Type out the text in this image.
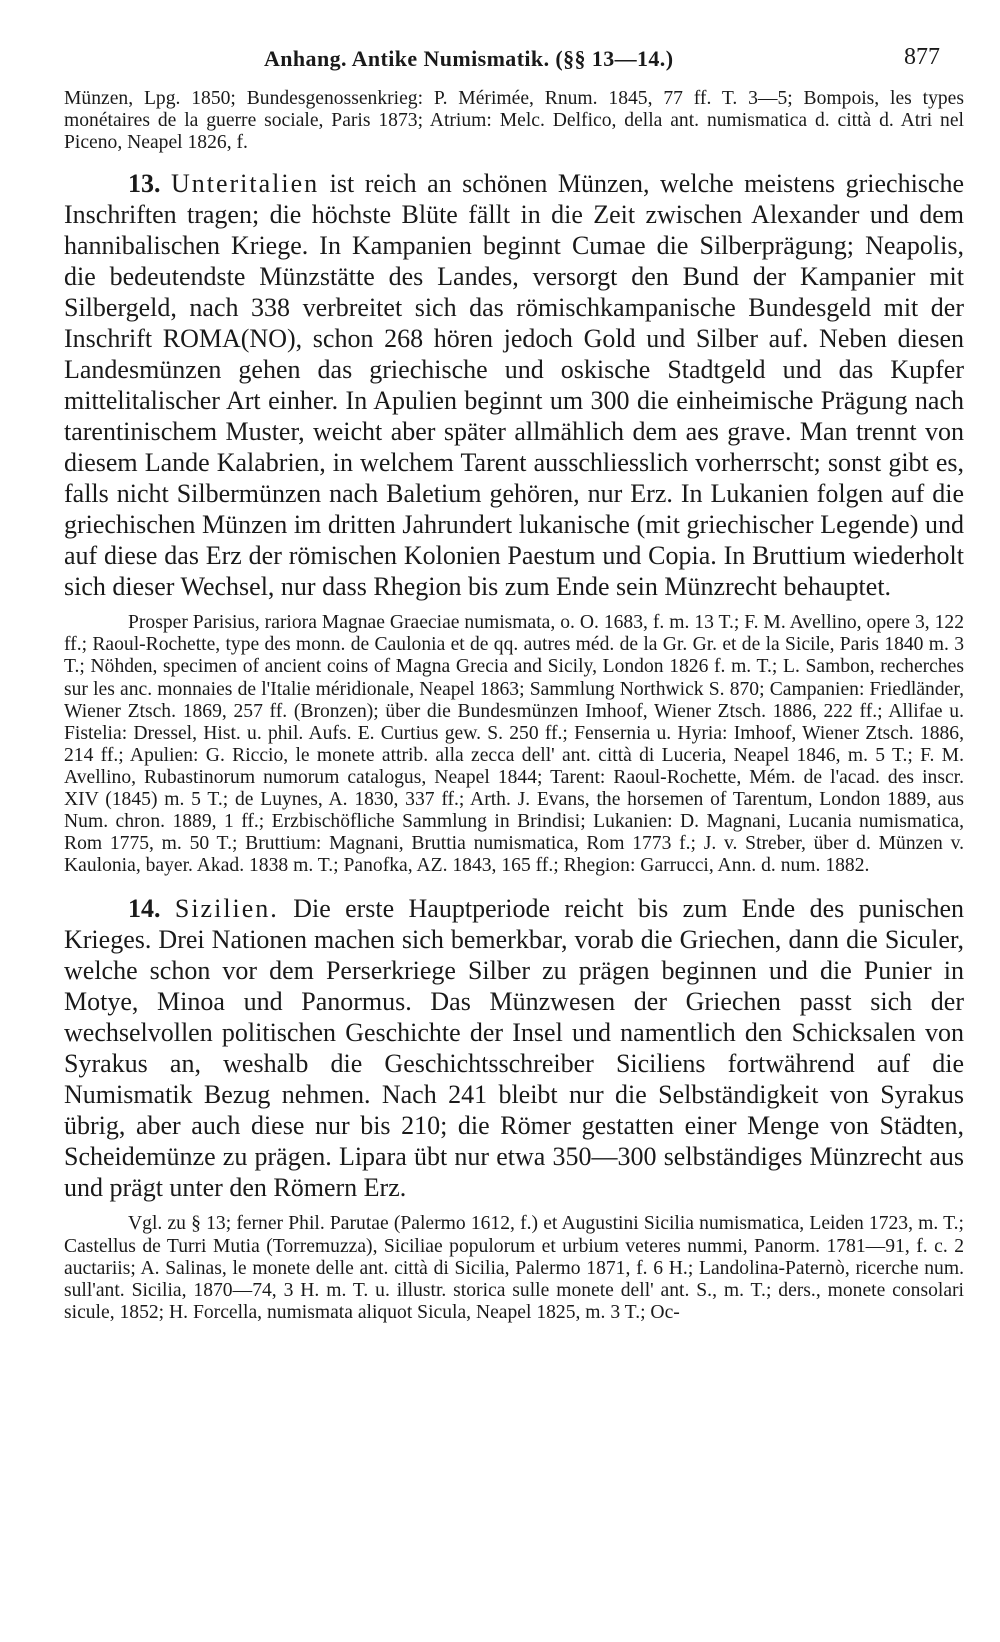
Anhang. Antike Numismatik. (§§ 13—14.)	877

Münzen, Lpg. 1850; Bundesgenossenkrieg: P. Mérimée, Rnum. 1845, 77 ff. T. 3—5; Bompois, les types monétaires de la guerre sociale, Paris 1873; Atrium: Melc. Delfico, della ant. numismatica d. città d. Atri nel Piceno, Neapel 1826, f.

13. Unteritalien ist reich an schönen Münzen, welche meistens griechische Inschriften tragen; die höchste Blüte fällt in die Zeit zwischen Alexander und dem hannibalischen Kriege. In Kampanien beginnt Cumae die Silberprägung; Neapolis, die bedeutendste Münzstätte des Landes, versorgt den Bund der Kampanier mit Silbergeld, nach 338 verbreitet sich das römischkampanische Bundesgeld mit der Inschrift ROMA(NO), schon 268 hören jedoch Gold und Silber auf. Neben diesen Landesmünzen gehen das griechische und oskische Stadtgeld und das Kupfer mittelitalischer Art einher. In Apulien beginnt um 300 die einheimische Prägung nach tarentinischem Muster, weicht aber später allmählich dem aes grave. Man trennt von diesem Lande Kalabrien, in welchem Tarent ausschliesslich vorherrscht; sonst gibt es, falls nicht Silbermünzen nach Baletium gehören, nur Erz. In Lukanien folgen auf die griechischen Münzen im dritten Jahrundert lukanische (mit griechischer Legende) und auf diese das Erz der römischen Kolonien Paestum und Copia. In Bruttium wiederholt sich dieser Wechsel, nur dass Rhegion bis zum Ende sein Münzrecht behauptet.

Prosper Parisius, rariora Magnae Graeciae numismata, o. O. 1683, f. m. 13 T.; F. M. Avellino, opere 3, 122 ff.; Raoul-Rochette, type des monn. de Caulonia et de qq. autres méd. de la Gr. Gr. et de la Sicile, Paris 1840 m. 3 T.; Nöhden, specimen of ancient coins of Magna Grecia and Sicily, London 1826 f. m. T.; L. Sambon, recherches sur les anc. monnaies de l'Italie méridionale, Neapel 1863; Sammlung Northwick S. 870; Campanien: Friedländer, Wiener Ztsch. 1869, 257 ff. (Bronzen); über die Bundesmünzen Imhoof, Wiener Ztsch. 1886, 222 ff.; Allifae u. Fistelia: Dressel, Hist. u. phil. Aufs. E. Curtius gew. S. 250 ff.; Fensernia u. Hyria: Imhoof, Wiener Ztsch. 1886, 214 ff.; Apulien: G. Riccio, le monete attrib. alla zecca dell' ant. città di Luceria, Neapel 1846, m. 5 T.; F. M. Avellino, Rubastinorum numorum catalogus, Neapel 1844; Tarent: Raoul-Rochette, Mém. de l'acad. des inscr. XIV (1845) m. 5 T.; de Luynes, A. 1830, 337 ff.; Arth. J. Evans, the horsemen of Tarentum, London 1889, aus Num. chron. 1889, 1 ff.; Erzbischöfliche Sammlung in Brindisi; Lukanien: D. Magnani, Lucania numismatica, Rom 1775, m. 50 T.; Bruttium: Magnani, Bruttia numismatica, Rom 1773 f.; J. v. Streber, über d. Münzen v. Kaulonia, bayer. Akad. 1838 m. T.; Panofka, AZ. 1843, 165 ff.; Rhegion: Garrucci, Ann. d. num. 1882.

14. Sizilien. Die erste Hauptperiode reicht bis zum Ende des punischen Krieges. Drei Nationen machen sich bemerkbar, vorab die Griechen, dann die Siculer, welche schon vor dem Perserkriege Silber zu prägen beginnen und die Punier in Motye, Minoa und Panormus. Das Münzwesen der Griechen passt sich der wechselvollen politischen Geschichte der Insel und namentlich den Schicksalen von Syrakus an, weshalb die Geschichtsschreiber Siciliens fortwährend auf die Numismatik Bezug nehmen. Nach 241 bleibt nur die Selbständigkeit von Syrakus übrig, aber auch diese nur bis 210; die Römer gestatten einer Menge von Städten, Scheidemünze zu prägen. Lipara übt nur etwa 350—300 selbständiges Münzrecht aus und prägt unter den Römern Erz.

Vgl. zu § 13; ferner Phil. Parutae (Palermo 1612, f.) et Augustini Sicilia numismatica, Leiden 1723, m. T.; Castellus de Turri Mutia (Torremuzza), Siciliae populorum et urbium veteres nummi, Panorm. 1781—91, f. c. 2 auctariis; A. Salinas, le monete delle ant. città di Sicilia, Palermo 1871, f. 6 H.; Landolina-Paternò, ricerche num. sull'ant. Sicilia, 1870—74, 3 H. m. T. u. illustr. storica sulle monete dell' ant. S., m. T.; ders., monete consolari sicule, 1852; H. Forcella, numismata aliquot Sicula, Neapel 1825, m. 3 T.; Oc-
